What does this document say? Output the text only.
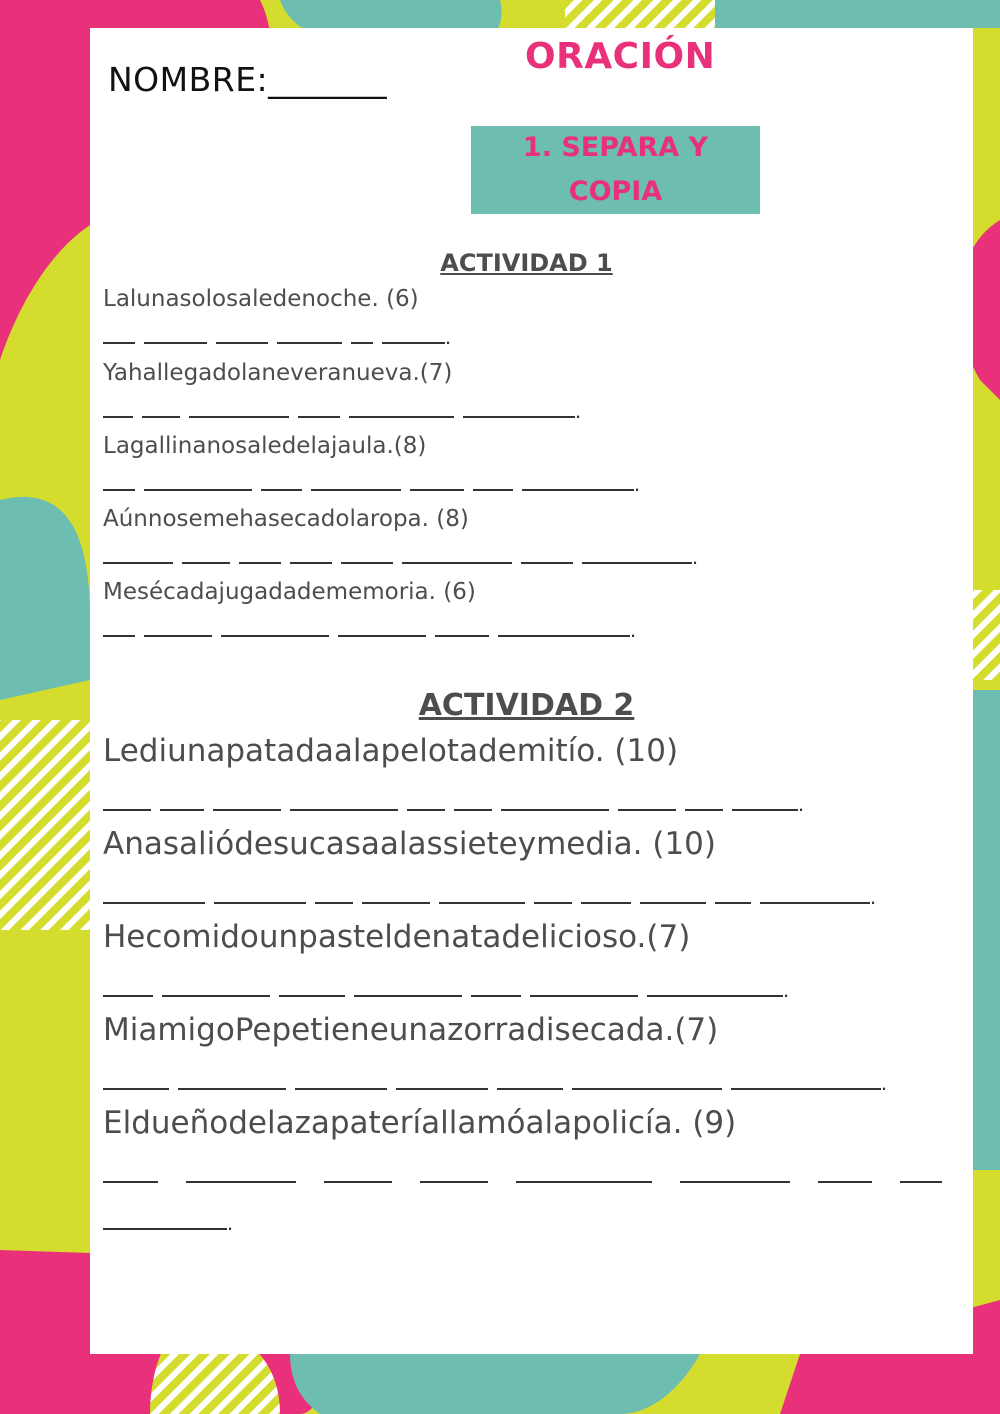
NOMBRE:_______
ORACIÓN
1. SEPARA Y
COPIA
ACTIVIDAD 1
Lalunasolosaledenoche. (6)
.
Yahallegadolaneveranueva.(7)
.
Lagallinanosaledelajaula.(8)
.
Aúnnosemehasecadolaropa. (8)
.
Mesécadajugadadememoria. (6)
.
ACTIVIDAD 2
Lediunapatadaalapelotademitío. (10)
.
Anasaliódesucasaalassieteymedia. (10)
.
Hecomidounpasteldenatadelicioso.(7)
.
MiamigoPepetieneunazorradisecada.(7)
.
Eldueñodelazapateríallamóalapolicía. (9)
.
